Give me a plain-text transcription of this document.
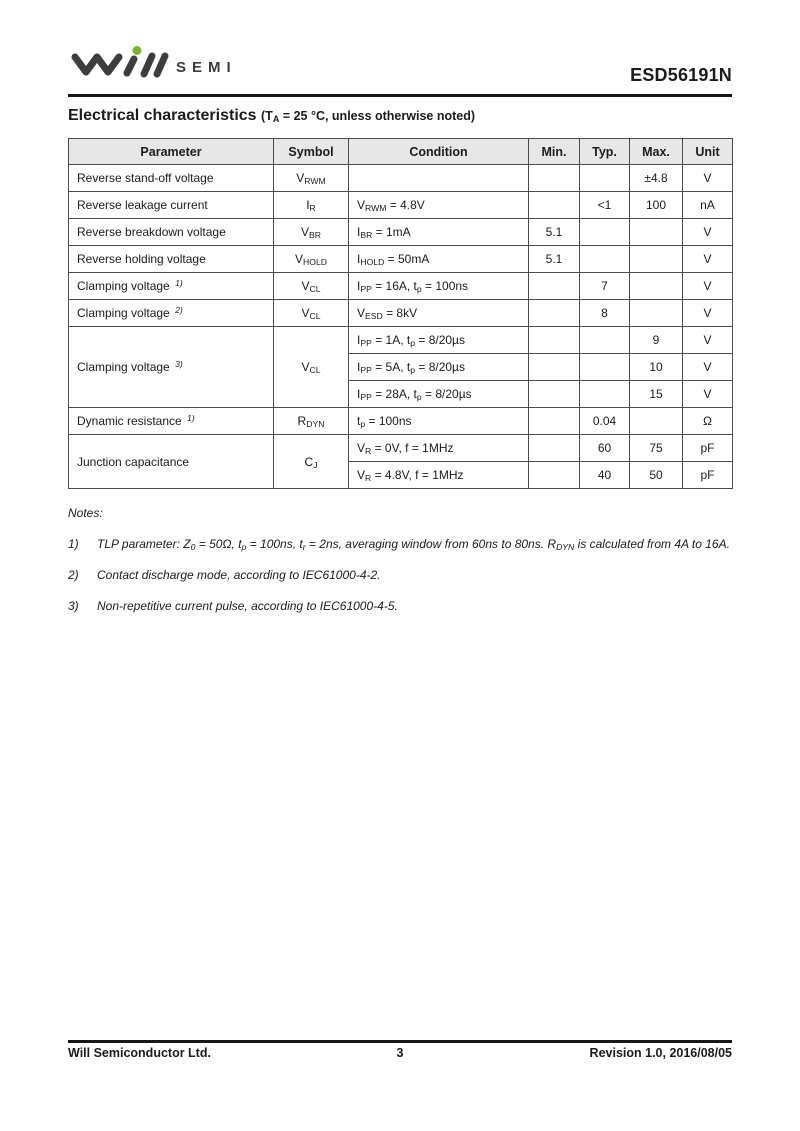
SEMI	ESD56191N
Electrical characteristics ($T_A = 25$ °C, unless otherwise noted)
Parameter	Symbol	Condition	Min.	Typ.	Max.	Unit
Reverse stand-off voltage	$V_{RWM}$				±4.8	V
Reverse leakage current	$I_R$	$V_{RWM} = 4.8V$		<1	100	nA
Reverse breakdown voltage	$V_{BR}$	$I_{BR} = 1mA$	5.1			V
Reverse holding voltage	$V_{HOLD}$	$I_{HOLD} = 50mA$	5.1			V
Clamping voltage $^{1)}$	$V_{CL}$	$I_{PP} = 16A$, $t_p = 100ns$		7		V
Clamping voltage $^{2)}$	$V_{CL}$	$V_{ESD} = 8kV$		8		V
Clamping voltage $^{3)}$	$V_{CL}$	$I_{PP} = 1A$, $t_p = 8/20\mu s$			9	V
		$I_{PP} = 5A$, $t_p = 8/20\mu s$			10	V
		$I_{PP} = 28A$, $t_p = 8/20\mu s$			15	V
Dynamic resistance $^{1)}$	$R_{DYN}$	$t_p = 100ns$		0.04		Ω
Junction capacitance	$C_J$	$V_R = 0V$, f = 1MHz		60	75	pF
		$V_R = 4.8V$, f = 1MHz		40	50	pF
Notes:
1)	TLP parameter: $Z_0 = 50\Omega$, $t_p = 100ns$, $t_r = 2ns$, averaging window from 60ns to 80ns. $R_{DYN}$ is calculated from 4A to 16A.
2)	Contact discharge mode, according to IEC61000-4-2.
3)	Non-repetitive current pulse, according to IEC61000-4-5.
Will Semiconductor Ltd.	3	Revision 1.0, 2016/08/05
